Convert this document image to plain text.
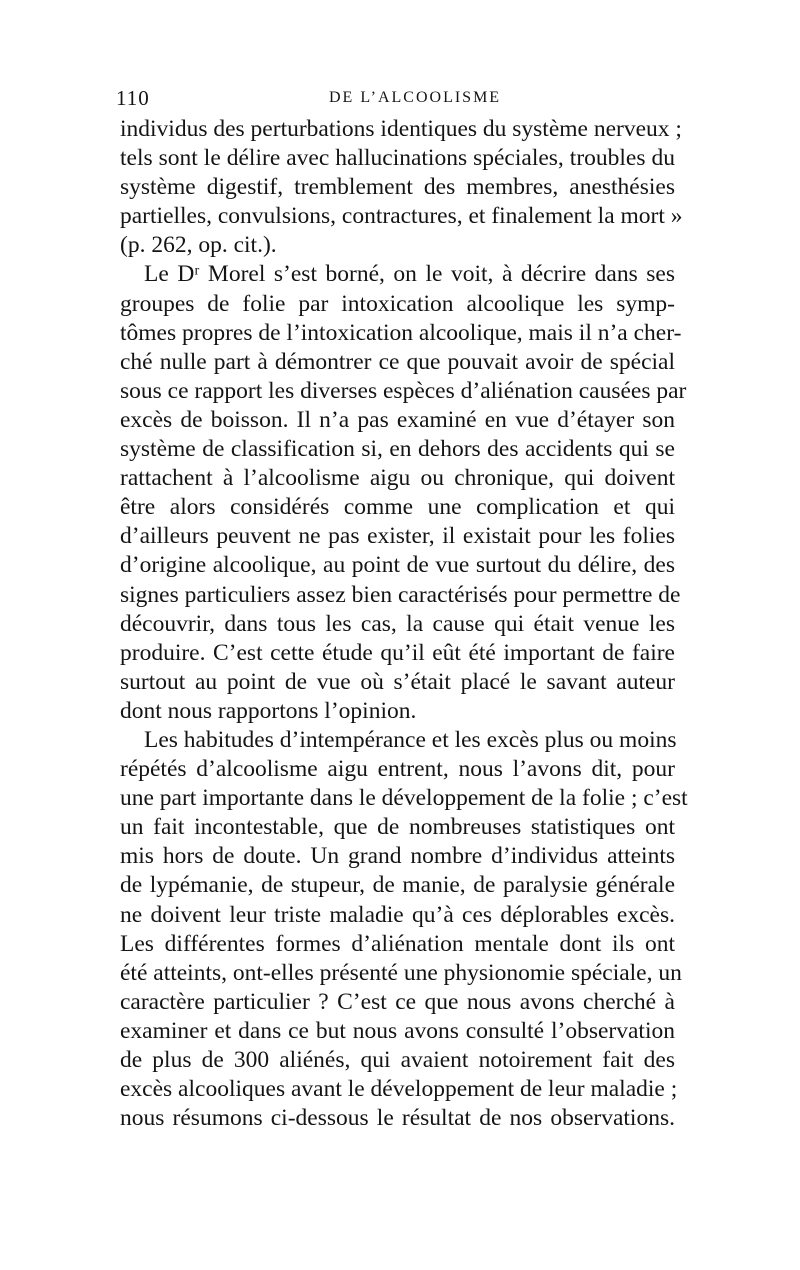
110	DE L’ALCOOLISME
individus des perturbations identiques du système nerveux ;
tels sont le délire avec hallucinations spéciales, troubles du
système digestif, tremblement des membres, anesthésies
partielles, convulsions, contractures, et finalement la mort »
(p. 262, op. cit.).
Le Dʳ Morel s’est borné, on le voit, à décrire dans ses
groupes de folie par intoxication alcoolique les symp-
tômes propres de l’intoxication alcoolique, mais il n’a cher-
ché nulle part à démontrer ce que pouvait avoir de spécial
sous ce rapport les diverses espèces d’aliénation causées par
excès de boisson. Il n’a pas examiné en vue d’étayer son
système de classification si, en dehors des accidents qui se
rattachent à l’alcoolisme aigu ou chronique, qui doivent
être alors considérés comme une complication et qui
d’ailleurs peuvent ne pas exister, il existait pour les folies
d’origine alcoolique, au point de vue surtout du délire, des
signes particuliers assez bien caractérisés pour permettre de
découvrir, dans tous les cas, la cause qui était venue les
produire. C’est cette étude qu’il eût été important de faire
surtout au point de vue où s’était placé le savant auteur
dont nous rapportons l’opinion.
Les habitudes d’intempérance et les excès plus ou moins
répétés d’alcoolisme aigu entrent, nous l’avons dit, pour
une part importante dans le développement de la folie ; c’est
un fait incontestable, que de nombreuses statistiques ont
mis hors de doute. Un grand nombre d’individus atteints
de lypémanie, de stupeur, de manie, de paralysie générale
ne doivent leur triste maladie qu’à ces déplorables excès.
Les différentes formes d’aliénation mentale dont ils ont
été atteints, ont-elles présenté une physionomie spéciale, un
caractère particulier ? C’est ce que nous avons cherché à
examiner et dans ce but nous avons consulté l’observation
de plus de 300 aliénés, qui avaient notoirement fait des
excès alcooliques avant le développement de leur maladie ;
nous résumons ci-dessous le résultat de nos observations.
